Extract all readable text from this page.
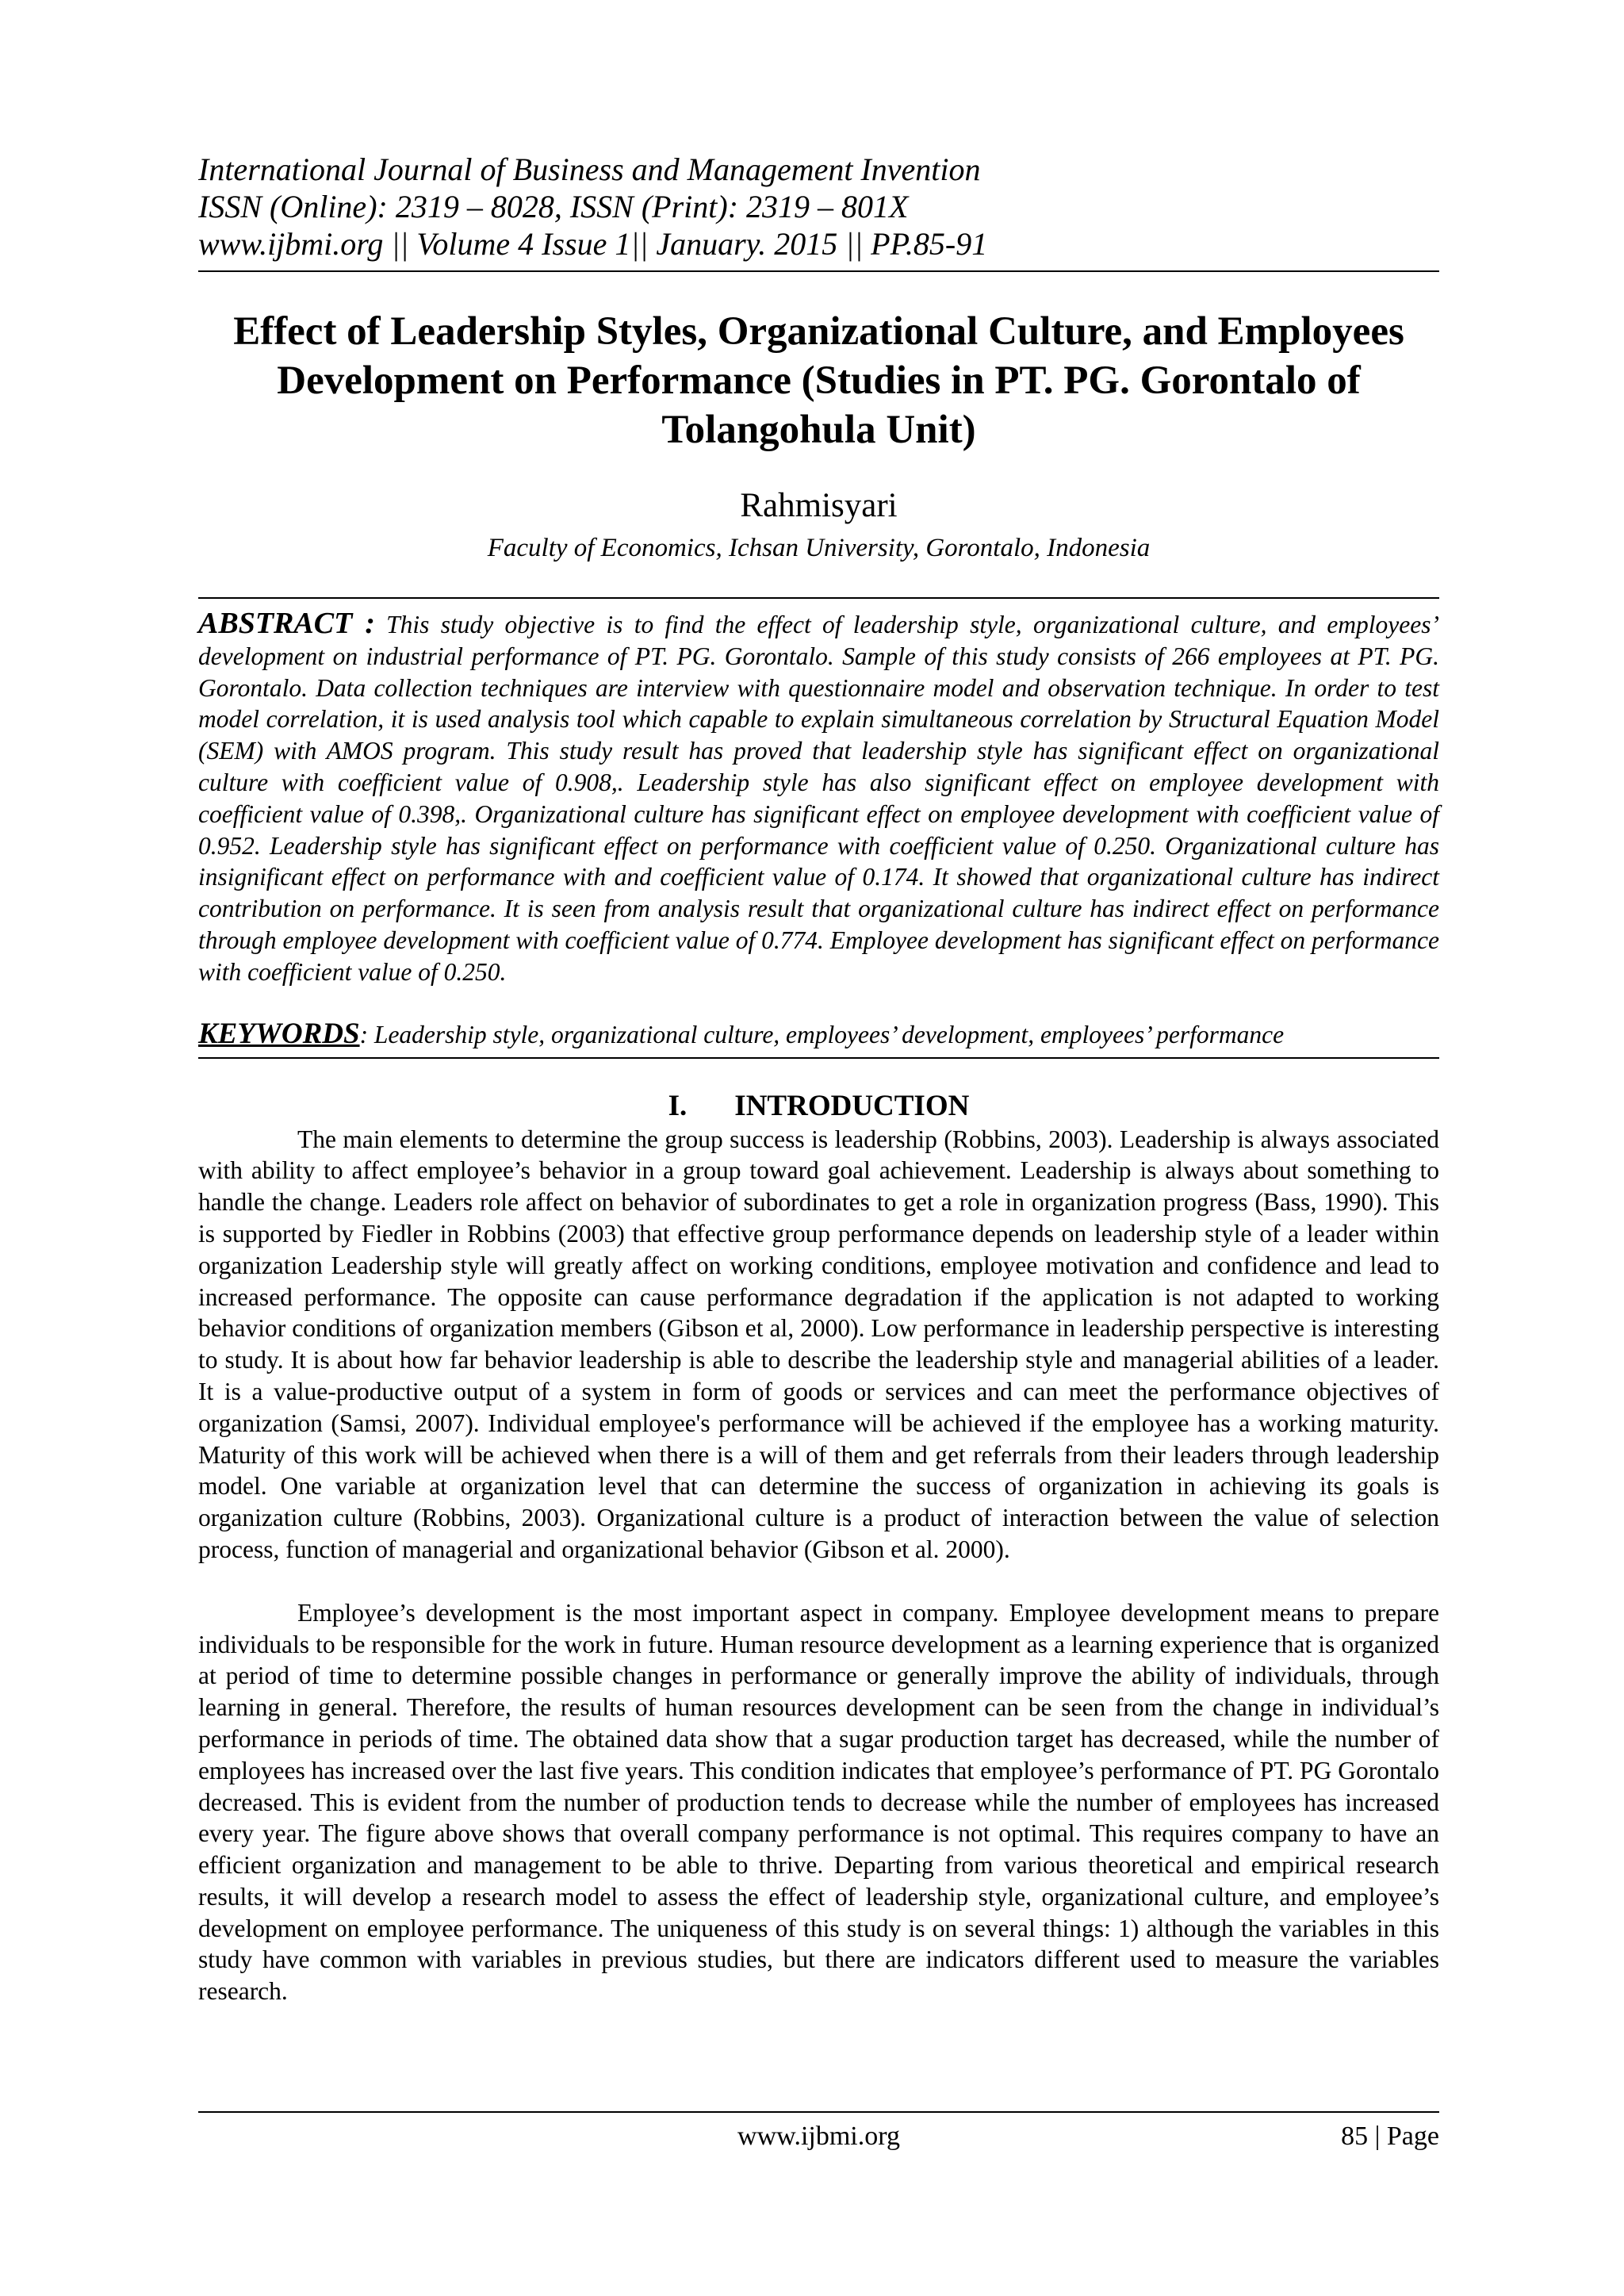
International Journal of Business and Management Invention
ISSN (Online): 2319 – 8028, ISSN (Print): 2319 – 801X
www.ijbmi.org || Volume 4 Issue 1|| January. 2015 || PP.85-91
Effect of Leadership Styles, Organizational Culture, and Employees Development on Performance (Studies in PT. PG. Gorontalo of Tolangohula Unit)
Rahmisyari
Faculty of Economics, Ichsan University, Gorontalo, Indonesia
ABSTRACT : This study objective is to find the effect of leadership style, organizational culture, and employees’ development on industrial performance of PT. PG. Gorontalo. Sample of this study consists of 266 employees at PT. PG. Gorontalo. Data collection techniques are interview with questionnaire model and observation technique. In order to test model correlation, it is used analysis tool which capable to explain simultaneous correlation by Structural Equation Model (SEM) with AMOS program. This study result has proved that leadership style has significant effect on organizational culture with coefficient value of 0.908,. Leadership style has also significant effect on employee development with coefficient value of 0.398,. Organizational culture has significant effect on employee development with coefficient value of 0.952. Leadership style has significant effect on performance with coefficient value of 0.250. Organizational culture has insignificant effect on performance with and coefficient value of 0.174. It showed that organizational culture has indirect contribution on performance. It is seen from analysis result that organizational culture has indirect effect on performance through employee development with coefficient value of 0.774. Employee development has significant effect on performance with coefficient value of 0.250.
KEYWORDS: Leadership style, organizational culture, employees’ development, employees’ performance
I. INTRODUCTION
The main elements to determine the group success is leadership (Robbins, 2003). Leadership is always associated with ability to affect employee’s behavior in a group toward goal achievement. Leadership is always about something to handle the change. Leaders role affect on behavior of subordinates to get a role in organization progress (Bass, 1990). This is supported by Fiedler in Robbins (2003) that effective group performance depends on leadership style of a leader within organization Leadership style will greatly affect on working conditions, employee motivation and confidence and lead to increased performance. The opposite can cause performance degradation if the application is not adapted to working behavior conditions of organization members (Gibson et al, 2000). Low performance in leadership perspective is interesting to study. It is about how far behavior leadership is able to describe the leadership style and managerial abilities of a leader. It is a value-productive output of a system in form of goods or services and can meet the performance objectives of organization (Samsi, 2007). Individual employee's performance will be achieved if the employee has a working maturity. Maturity of this work will be achieved when there is a will of them and get referrals from their leaders through leadership model. One variable at organization level that can determine the success of organization in achieving its goals is organization culture (Robbins, 2003). Organizational culture is a product of interaction between the value of selection process, function of managerial and organizational behavior (Gibson et al. 2000).
Employee’s development is the most important aspect in company. Employee development means to prepare individuals to be responsible for the work in future. Human resource development as a learning experience that is organized at period of time to determine possible changes in performance or generally improve the ability of individuals, through learning in general. Therefore, the results of human resources development can be seen from the change in individual’s performance in periods of time. The obtained data show that a sugar production target has decreased, while the number of employees has increased over the last five years. This condition indicates that employee’s performance of PT. PG Gorontalo decreased. This is evident from the number of production tends to decrease while the number of employees has increased every year. The figure above shows that overall company performance is not optimal. This requires company to have an efficient organization and management to be able to thrive. Departing from various theoretical and empirical research results, it will develop a research model to assess the effect of leadership style, organizational culture, and employee’s development on employee performance. The uniqueness of this study is on several things: 1) although the variables in this study have common with variables in previous studies, but there are indicators different used to measure the variables research.
www.ijbmi.org	85 | Page
